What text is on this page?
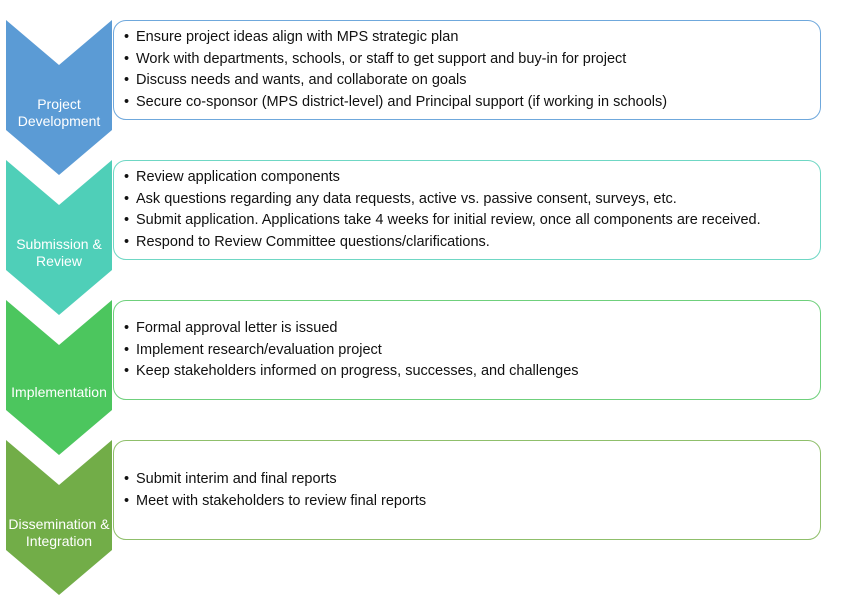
Project
Development
• Ensure project ideas align with MPS strategic plan
• Work with departments, schools, or staff to get support and buy-in for project
• Discuss needs and wants, and collaborate on goals
• Secure co-sponsor (MPS district-level) and Principal support (if working in schools)
Submission &
Review
• Review application components
• Ask questions regarding any data requests, active vs. passive consent, surveys, etc.
• Submit application. Applications take 4 weeks for initial review, once all components are received.
• Respond to Review Committee questions/clarifications.
Implementation
• Formal approval letter is issued
• Implement research/evaluation project
• Keep stakeholders informed on progress, successes, and challenges
Dissemination &
Integration
• Submit interim and final reports
• Meet with stakeholders to review final reports
